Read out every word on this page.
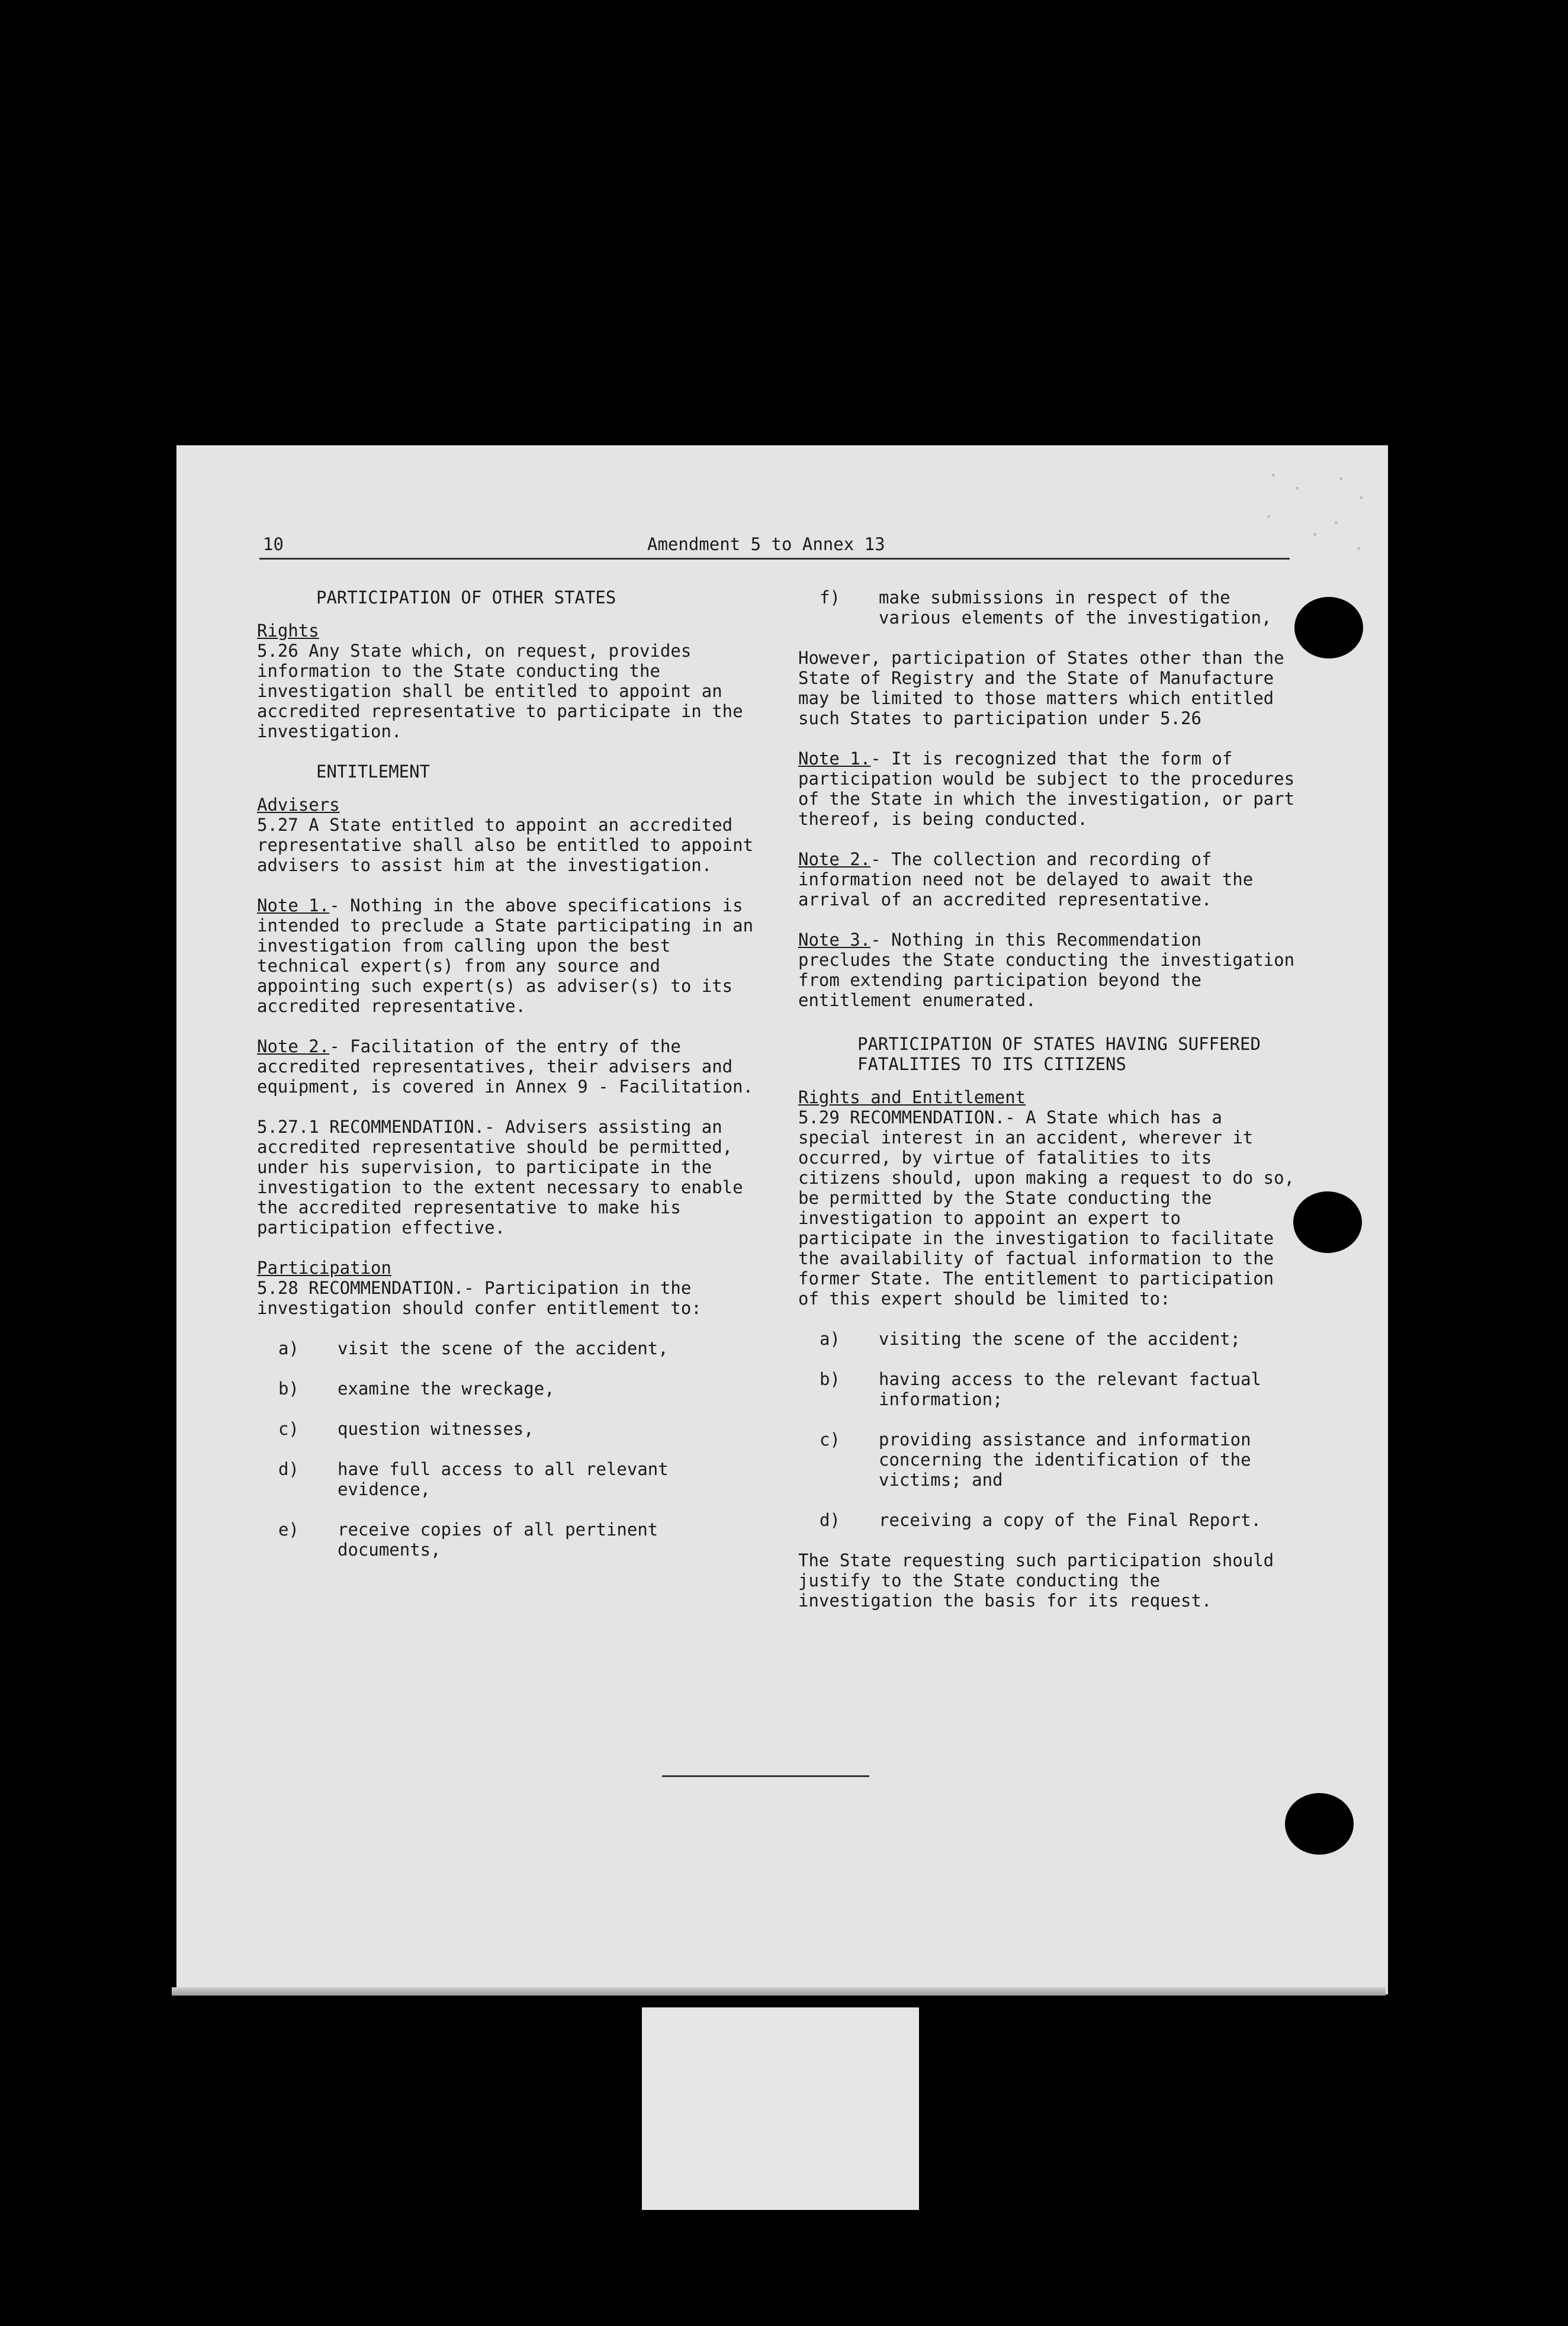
10	Amendment 5 to Annex 13
PARTICIPATION OF OTHER STATES
Rights
5.26 Any State which, on request, provides information to the State conducting the investigation shall be entitled to appoint an accredited representative to participate in the investigation.
ENTITLEMENT
Advisers
5.27 A State entitled to appoint an accredited representative shall also be entitled to appoint advisers to assist him at the investigation.
Note 1.- Nothing in the above specifications is intended to preclude a State participating in an investigation from calling upon the best technical expert(s) from any source and appointing such expert(s) as adviser(s) to its accredited representative.
Note 2.- Facilitation of the entry of the accredited representatives, their advisers and equipment, is covered in Annex 9 - Facilitation.
5.27.1 RECOMMENDATION.- Advisers assisting an accredited representative should be permitted, under his supervision, to participate in the investigation to the extent necessary to enable the accredited representative to make his participation effective.
Participation
5.28 RECOMMENDATION.- Participation in the investigation should confer entitlement to:
a)	visit the scene of the accident,
b)	examine the wreckage,
c)	question witnesses,
d)	have full access to all relevant evidence,
e)	receive copies of all pertinent documents,
f)	make submissions in respect of the various elements of the investigation,
However, participation of States other than the State of Registry and the State of Manufacture may be limited to those matters which entitled such States to participation under 5.26
Note 1.- It is recognized that the form of participation would be subject to the procedures of the State in which the investigation, or part thereof, is being conducted.
Note 2.- The collection and recording of information need not be delayed to await the arrival of an accredited representative.
Note 3.- Nothing in this Recommendation precludes the State conducting the investigation from extending participation beyond the entitlement enumerated.
PARTICIPATION OF STATES HAVING SUFFERED FATALITIES TO ITS CITIZENS
Rights and Entitlement
5.29 RECOMMENDATION.- A State which has a special interest in an accident, wherever it occurred, by virtue of fatalities to its citizens should, upon making a request to do so, be permitted by the State conducting the investigation to appoint an expert to participate in the investigation to facilitate the availability of factual information to the former State. The entitlement to participation of this expert should be limited to:
a)	visiting the scene of the accident;
b)	having access to the relevant factual information;
c)	providing assistance and information concerning the identification of the victims; and
d)	receiving a copy of the Final Report.
The State requesting such participation should justify to the State conducting the investigation the basis for its request.
